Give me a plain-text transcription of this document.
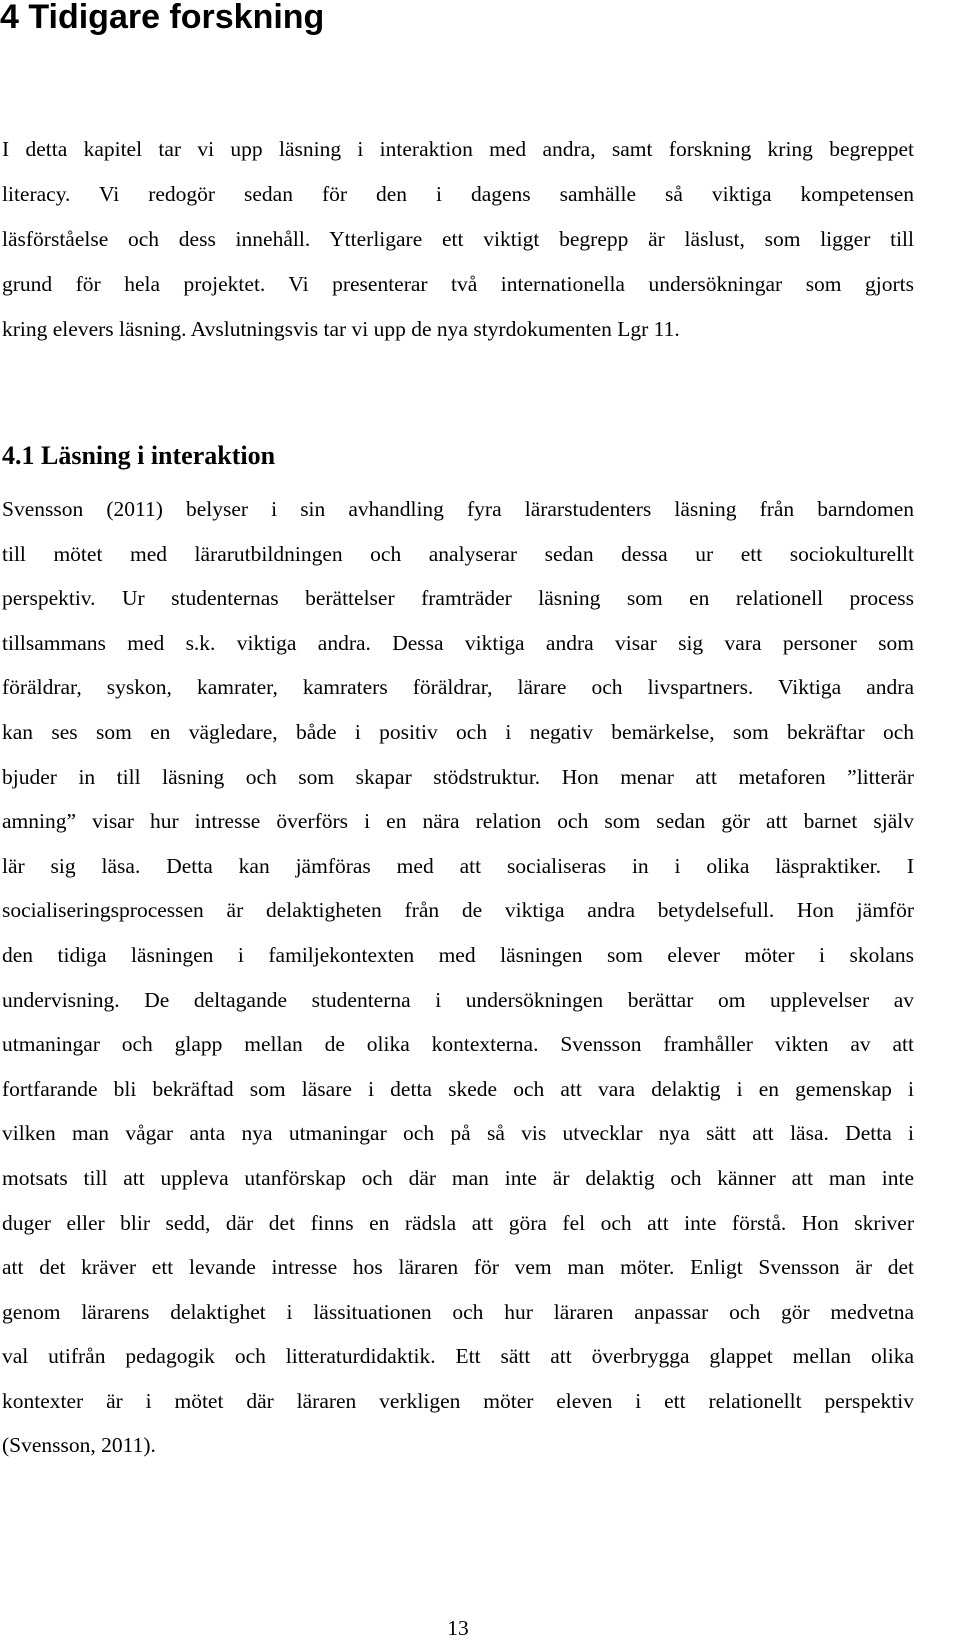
4 Tidigare forskning
I detta kapitel tar vi upp läsning i interaktion med andra, samt forskning kring begreppet
literacy. Vi redogör sedan för den i dagens samhälle så viktiga kompetensen
läsförståelse och dess innehåll. Ytterligare ett viktigt begrepp är läslust, som ligger till
grund för hela projektet. Vi presenterar två internationella undersökningar som gjorts
kring elevers läsning. Avslutningsvis tar vi upp de nya styrdokumenten Lgr 11.
4.1 Läsning i interaktion
Svensson (2011) belyser i sin avhandling fyra lärarstudenters läsning från barndomen
till mötet med lärarutbildningen och analyserar sedan dessa ur ett sociokulturellt
perspektiv. Ur studenternas berättelser framträder läsning som en relationell process
tillsammans med s.k. viktiga andra. Dessa viktiga andra visar sig vara personer som
föräldrar, syskon, kamrater, kamraters föräldrar, lärare och livspartners. Viktiga andra
kan ses som en vägledare, både i positiv och i negativ bemärkelse, som bekräftar och
bjuder in till läsning och som skapar stödstruktur. Hon menar att metaforen ”litterär
amning” visar hur intresse överförs i en nära relation och som sedan gör att barnet själv
lär sig läsa. Detta kan jämföras med att socialiseras in i olika läspraktiker. I
socialiseringsprocessen är delaktigheten från de viktiga andra betydelsefull. Hon jämför
den tidiga läsningen i familjekontexten med läsningen som elever möter i skolans
undervisning. De deltagande studenterna i undersökningen berättar om upplevelser av
utmaningar och glapp mellan de olika kontexterna. Svensson framhåller vikten av att
fortfarande bli bekräftad som läsare i detta skede och att vara delaktig i en gemenskap i
vilken man vågar anta nya utmaningar och på så vis utvecklar nya sätt att läsa. Detta i
motsats till att uppleva utanförskap och där man inte är delaktig och känner att man inte
duger eller blir sedd, där det finns en rädsla att göra fel och att inte förstå. Hon skriver
att det kräver ett levande intresse hos läraren för vem man möter. Enligt Svensson är det
genom lärarens delaktighet i lässituationen och hur läraren anpassar och gör medvetna
val utifrån pedagogik och litteraturdidaktik. Ett sätt att överbrygga glappet mellan olika
kontexter är i mötet där läraren verkligen möter eleven i ett relationellt perspektiv
(Svensson, 2011).
13
